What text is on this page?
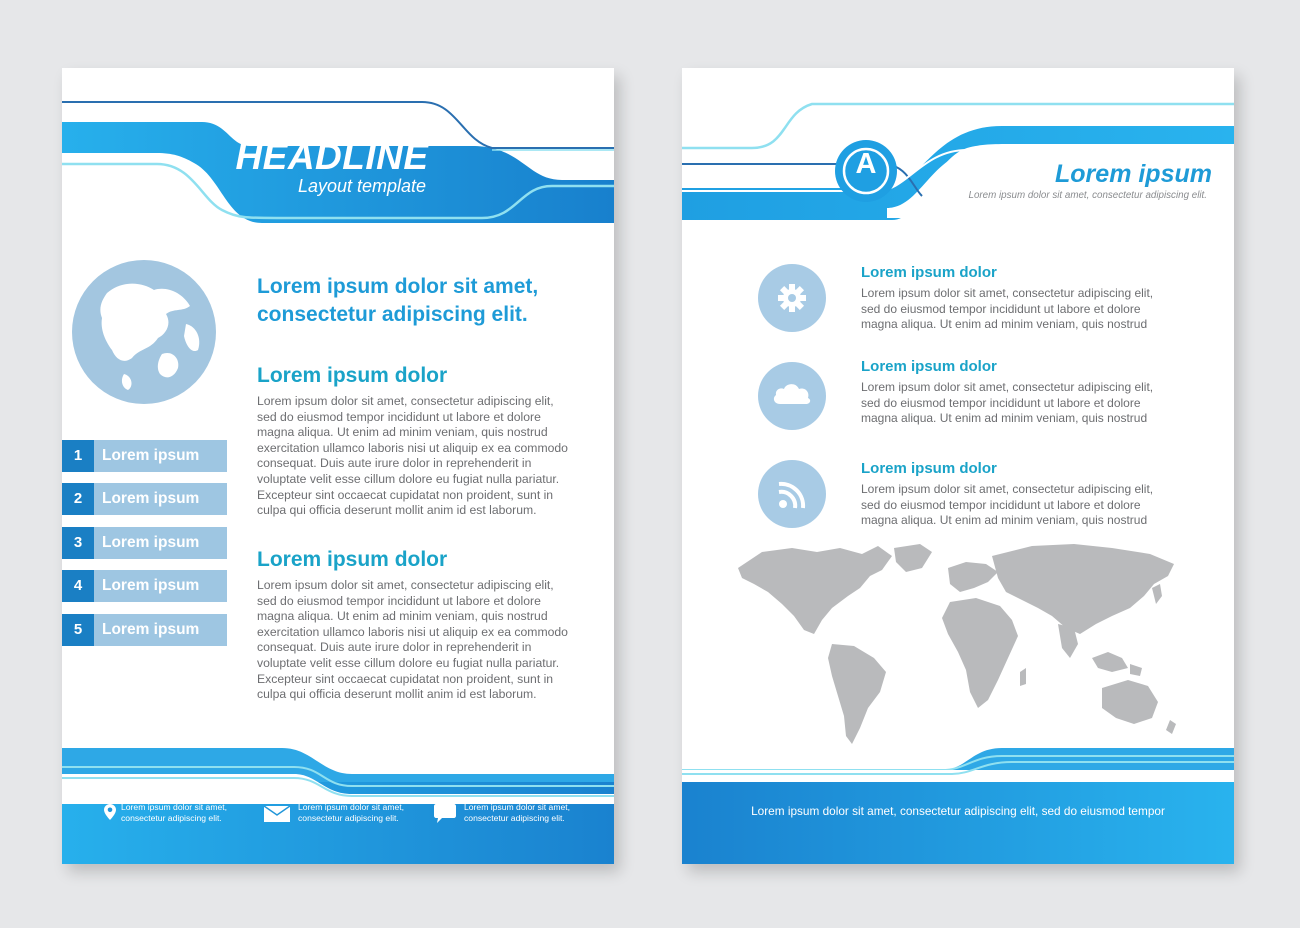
HEADLINE
Layout template
Lorem ipsum dolor sit amet,
consectetur adipiscing elit.
Lorem ipsum dolor
Lorem ipsum dolor sit amet, consectetur adipiscing elit,
sed do eiusmod tempor incididunt ut labore et dolore
magna aliqua. Ut enim ad minim veniam, quis nostrud
exercitation ullamco laboris nisi ut aliquip ex ea commodo
consequat. Duis aute irure dolor in reprehenderit in
voluptate velit esse cillum dolore eu fugiat nulla pariatur.
Excepteur sint occaecat cupidatat non proident, sunt in
culpa qui officia deserunt mollit anim id est laborum.
Lorem ipsum dolor
Lorem ipsum dolor sit amet, consectetur adipiscing elit,
sed do eiusmod tempor incididunt ut labore et dolore
magna aliqua. Ut enim ad minim veniam, quis nostrud
exercitation ullamco laboris nisi ut aliquip ex ea commodo
consequat. Duis aute irure dolor in reprehenderit in
voluptate velit esse cillum dolore eu fugiat nulla pariatur.
Excepteur sint occaecat cupidatat non proident, sunt in
culpa qui officia deserunt mollit anim id est laborum.
1	Lorem ipsum
2	Lorem ipsum
3	Lorem ipsum
4	Lorem ipsum
5	Lorem ipsum
Lorem ipsum dolor sit amet,
consectetur adipiscing elit.
Lorem ipsum dolor sit amet,
consectetur adipiscing elit.
Lorem ipsum dolor sit amet,
consectetur adipiscing elit.
A	Lorem ipsum
Lorem ipsum dolor sit amet, consectetur adipiscing elit.
Lorem ipsum dolor
Lorem ipsum dolor sit amet, consectetur adipiscing elit,
sed do eiusmod tempor incididunt ut labore et dolore
magna aliqua. Ut enim ad minim veniam, quis nostrud
Lorem ipsum dolor
Lorem ipsum dolor sit amet, consectetur adipiscing elit,
sed do eiusmod tempor incididunt ut labore et dolore
magna aliqua. Ut enim ad minim veniam, quis nostrud
Lorem ipsum dolor
Lorem ipsum dolor sit amet, consectetur adipiscing elit,
sed do eiusmod tempor incididunt ut labore et dolore
magna aliqua. Ut enim ad minim veniam, quis nostrud
Lorem ipsum dolor sit amet, consectetur adipiscing elit, sed do eiusmod tempor
